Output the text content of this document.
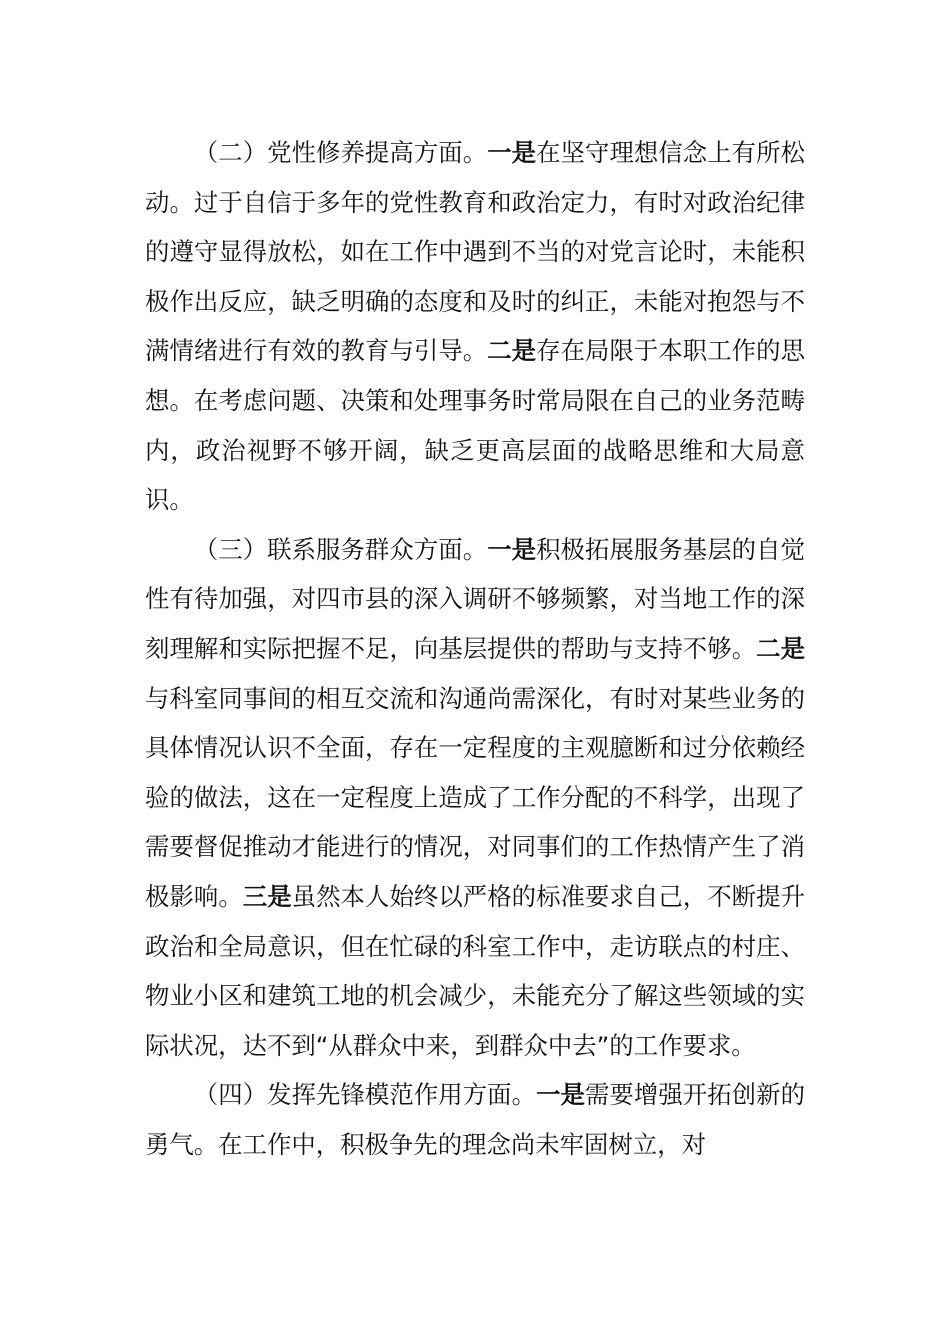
（二）党性修养提高方面。一是在坚守理想信念上有所松动。过于自信于多年的党性教育和政治定力，有时对政治纪律的遵守显得放松，如在工作中遇到不当的对党言论时，未能积极作出反应，缺乏明确的态度和及时的纠正，未能对抱怨与不满情绪进行有效的教育与引导。二是存在局限于本职工作的思想。在考虑问题、决策和处理事务时常局限在自己的业务范畴内，政治视野不够开阔，缺乏更高层面的战略思维和大局意识。

（三）联系服务群众方面。一是积极拓展服务基层的自觉性有待加强，对四市县的深入调研不够频繁，对当地工作的深刻理解和实际把握不足，向基层提供的帮助与支持不够。二是与科室同事间的相互交流和沟通尚需深化，有时对某些业务的具体情况认识不全面，存在一定程度的主观臆断和过分依赖经验的做法，这在一定程度上造成了工作分配的不科学，出现了需要督促推动才能进行的情况，对同事们的工作热情产生了消极影响。三是虽然本人始终以严格的标准要求自己，不断提升政治和全局意识，但在忙碌的科室工作中，走访联点的村庄、物业小区和建筑工地的机会减少，未能充分了解这些领域的实际状况，达不到“从群众中来，到群众中去”的工作要求。

（四）发挥先锋模范作用方面。一是需要增强开拓创新的勇气。在工作中，积极争先的理念尚未牢固树立，对
